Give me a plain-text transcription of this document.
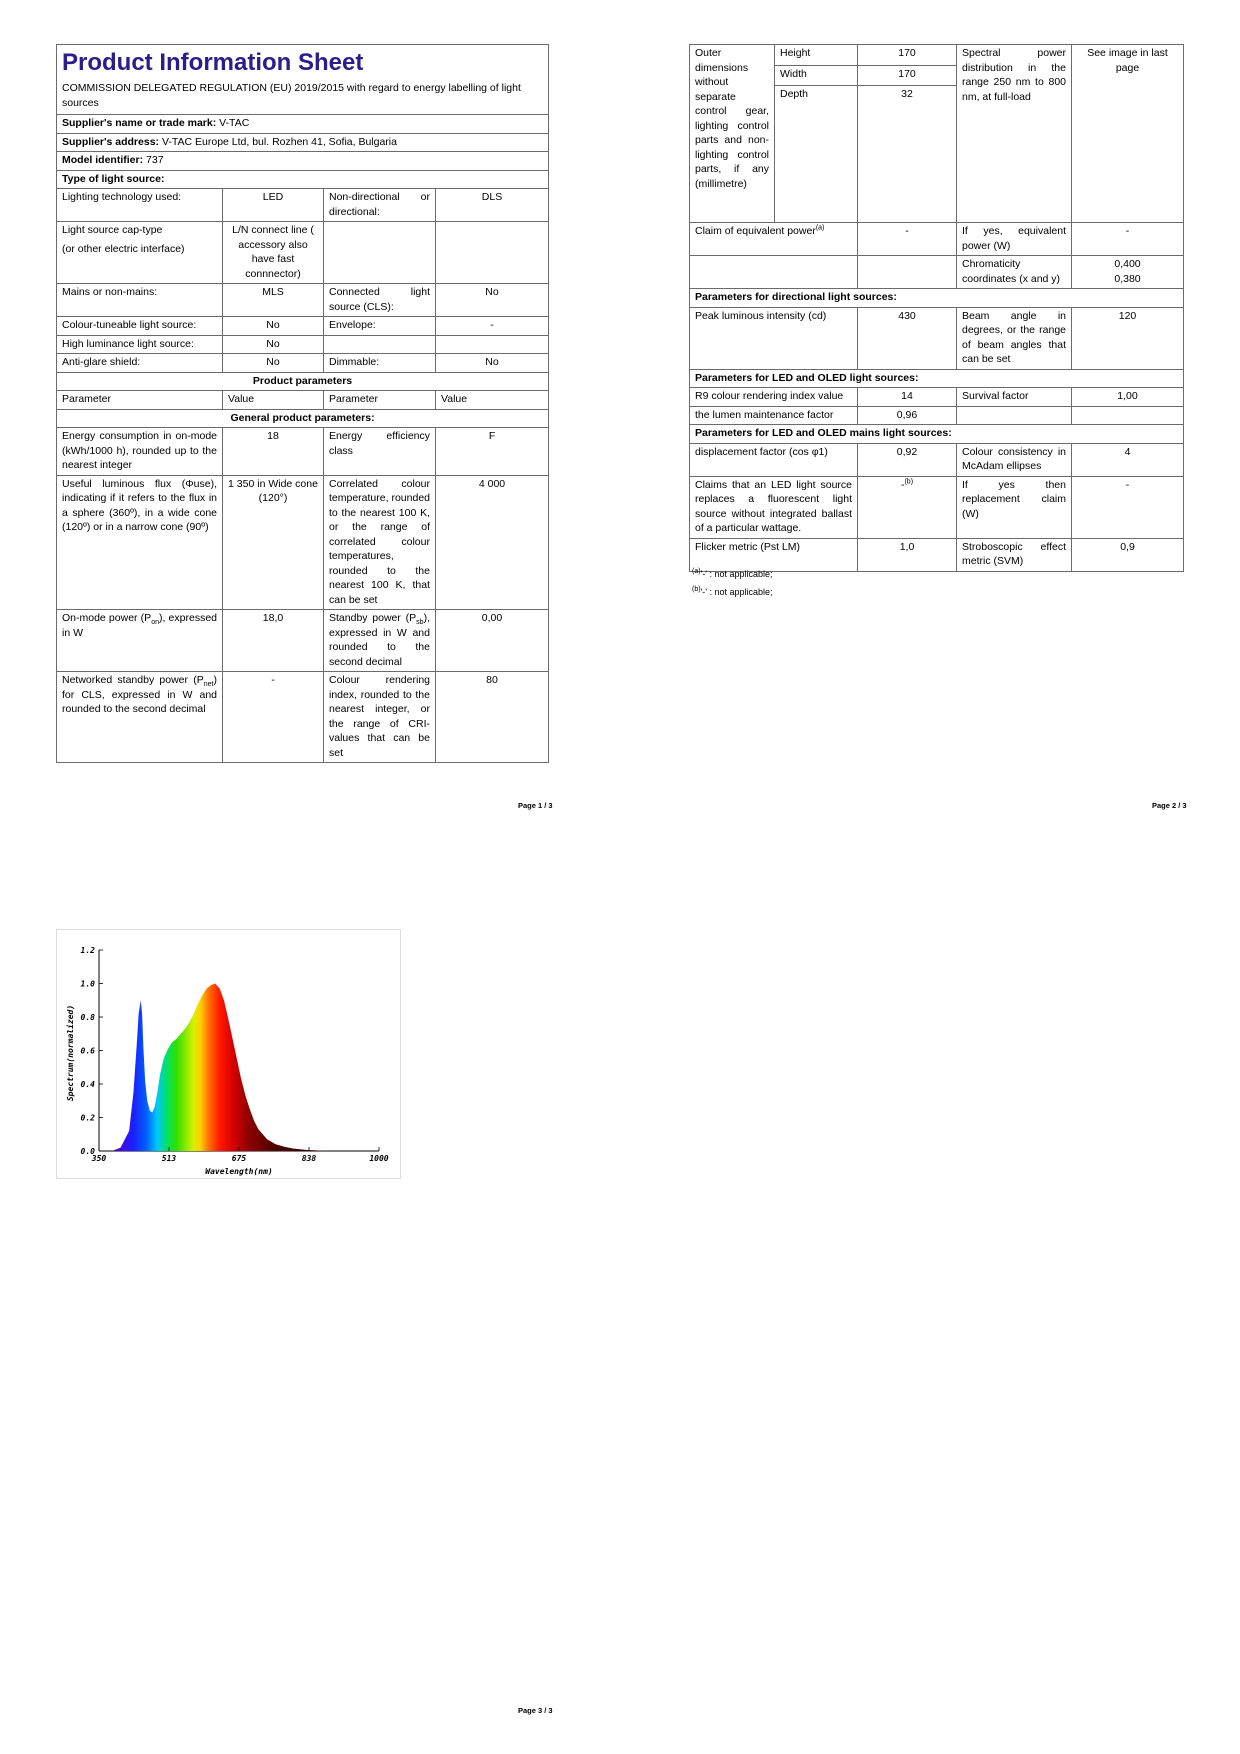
Product Information Sheet			

COMMISSION DELEGATED REGULATION (EU) 2019/2015 with regard to energy labelling of light sources			
Supplier's name or trade mark: V-TAC			
Supplier's address: V-TAC Europe Ltd, bul. Rozhen 41, Sofia, Bulgaria			
Model identifier: 737			
Type of light source:			
Lighting technology used:	LED	Non-directional or directional:	DLS

Light source cap-type
(or other electric interface)	L/N connect line ( accessory also have fast connnector)		
Mains or non-mains:	MLS	Connected light source (CLS):	No
Colour-tuneable light source:	No	Envelope:	-
High luminance light source:	No		
Anti-glare shield:	No	Dimmable:	No
Product parameters			
Parameter	Value	Parameter	Value
General product parameters:			
Energy consumption in on-mode (kWh/1000 h), rounded up to the nearest integer	18	Energy efficiency class	F
Useful luminous flux (Φuse), indicating if it refers to the flux in a sphere (360º), in a wide cone (120º) or in a narrow cone (90º)	1 350 in Wide cone (120°)	Correlated colour temperature, rounded to the nearest 100 K, or the range of correlated colour temperatures, rounded to the nearest 100 K, that can be set	4 000
On-mode power $(P_{on})$, expressed in W	18,0	Standby power $(P_{sb})$, expressed in W and rounded to the second decimal	0,00
Networked standby power $(P_{net})$ for CLS, expressed in W and rounded to the second decimal	-	Colour rendering index, rounded to the nearest integer, or the range of CRI-values that can be set	80
Page 1 / 3
Outer dimensions without separate control gear, lighting control parts and non-lighting control parts, if any (millimetre)	Height	170	Spectral power distribution in the range 250 nm to 800 nm, at full-load	See image in last page
	Width	170		
	Depth	32		
Claim of equivalent power$^{(a)}$		-	If yes, equivalent power (W)	-
			Chromaticity coordinates (x and y)	0,400
0,380

Parameters for directional light sources:				
Peak luminous intensity (cd)		430	Beam angle in degrees, or the range of beam angles that can be set	120
Parameters for LED and OLED light sources:				
R9 colour rendering index value		14	Survival factor	1,00
the lumen maintenance factor		0,96		
Parameters for LED and OLED mains light sources:				
displacement factor (cos φ1)		0,92	Colour consistency in McAdam ellipses	4
Claims that an LED light source replaces a fluorescent light source without integrated ballast of a particular wattage.		-$^{(b)}$	If yes then replacement claim (W)	-
Flicker metric (Pst LM)		1,0	Stroboscopic effect metric (SVM)	0,9
$^{(a)}$'-' : not applicable;
$^{(b)}$'-' : not applicable;
Page 2 / 3
0.0
0.2
0.4
0.6
0.8
1.0
1.2
350	513	675	838	1000
Spectrum(normalized)
Wavelength(nm)
Page 3 / 3
